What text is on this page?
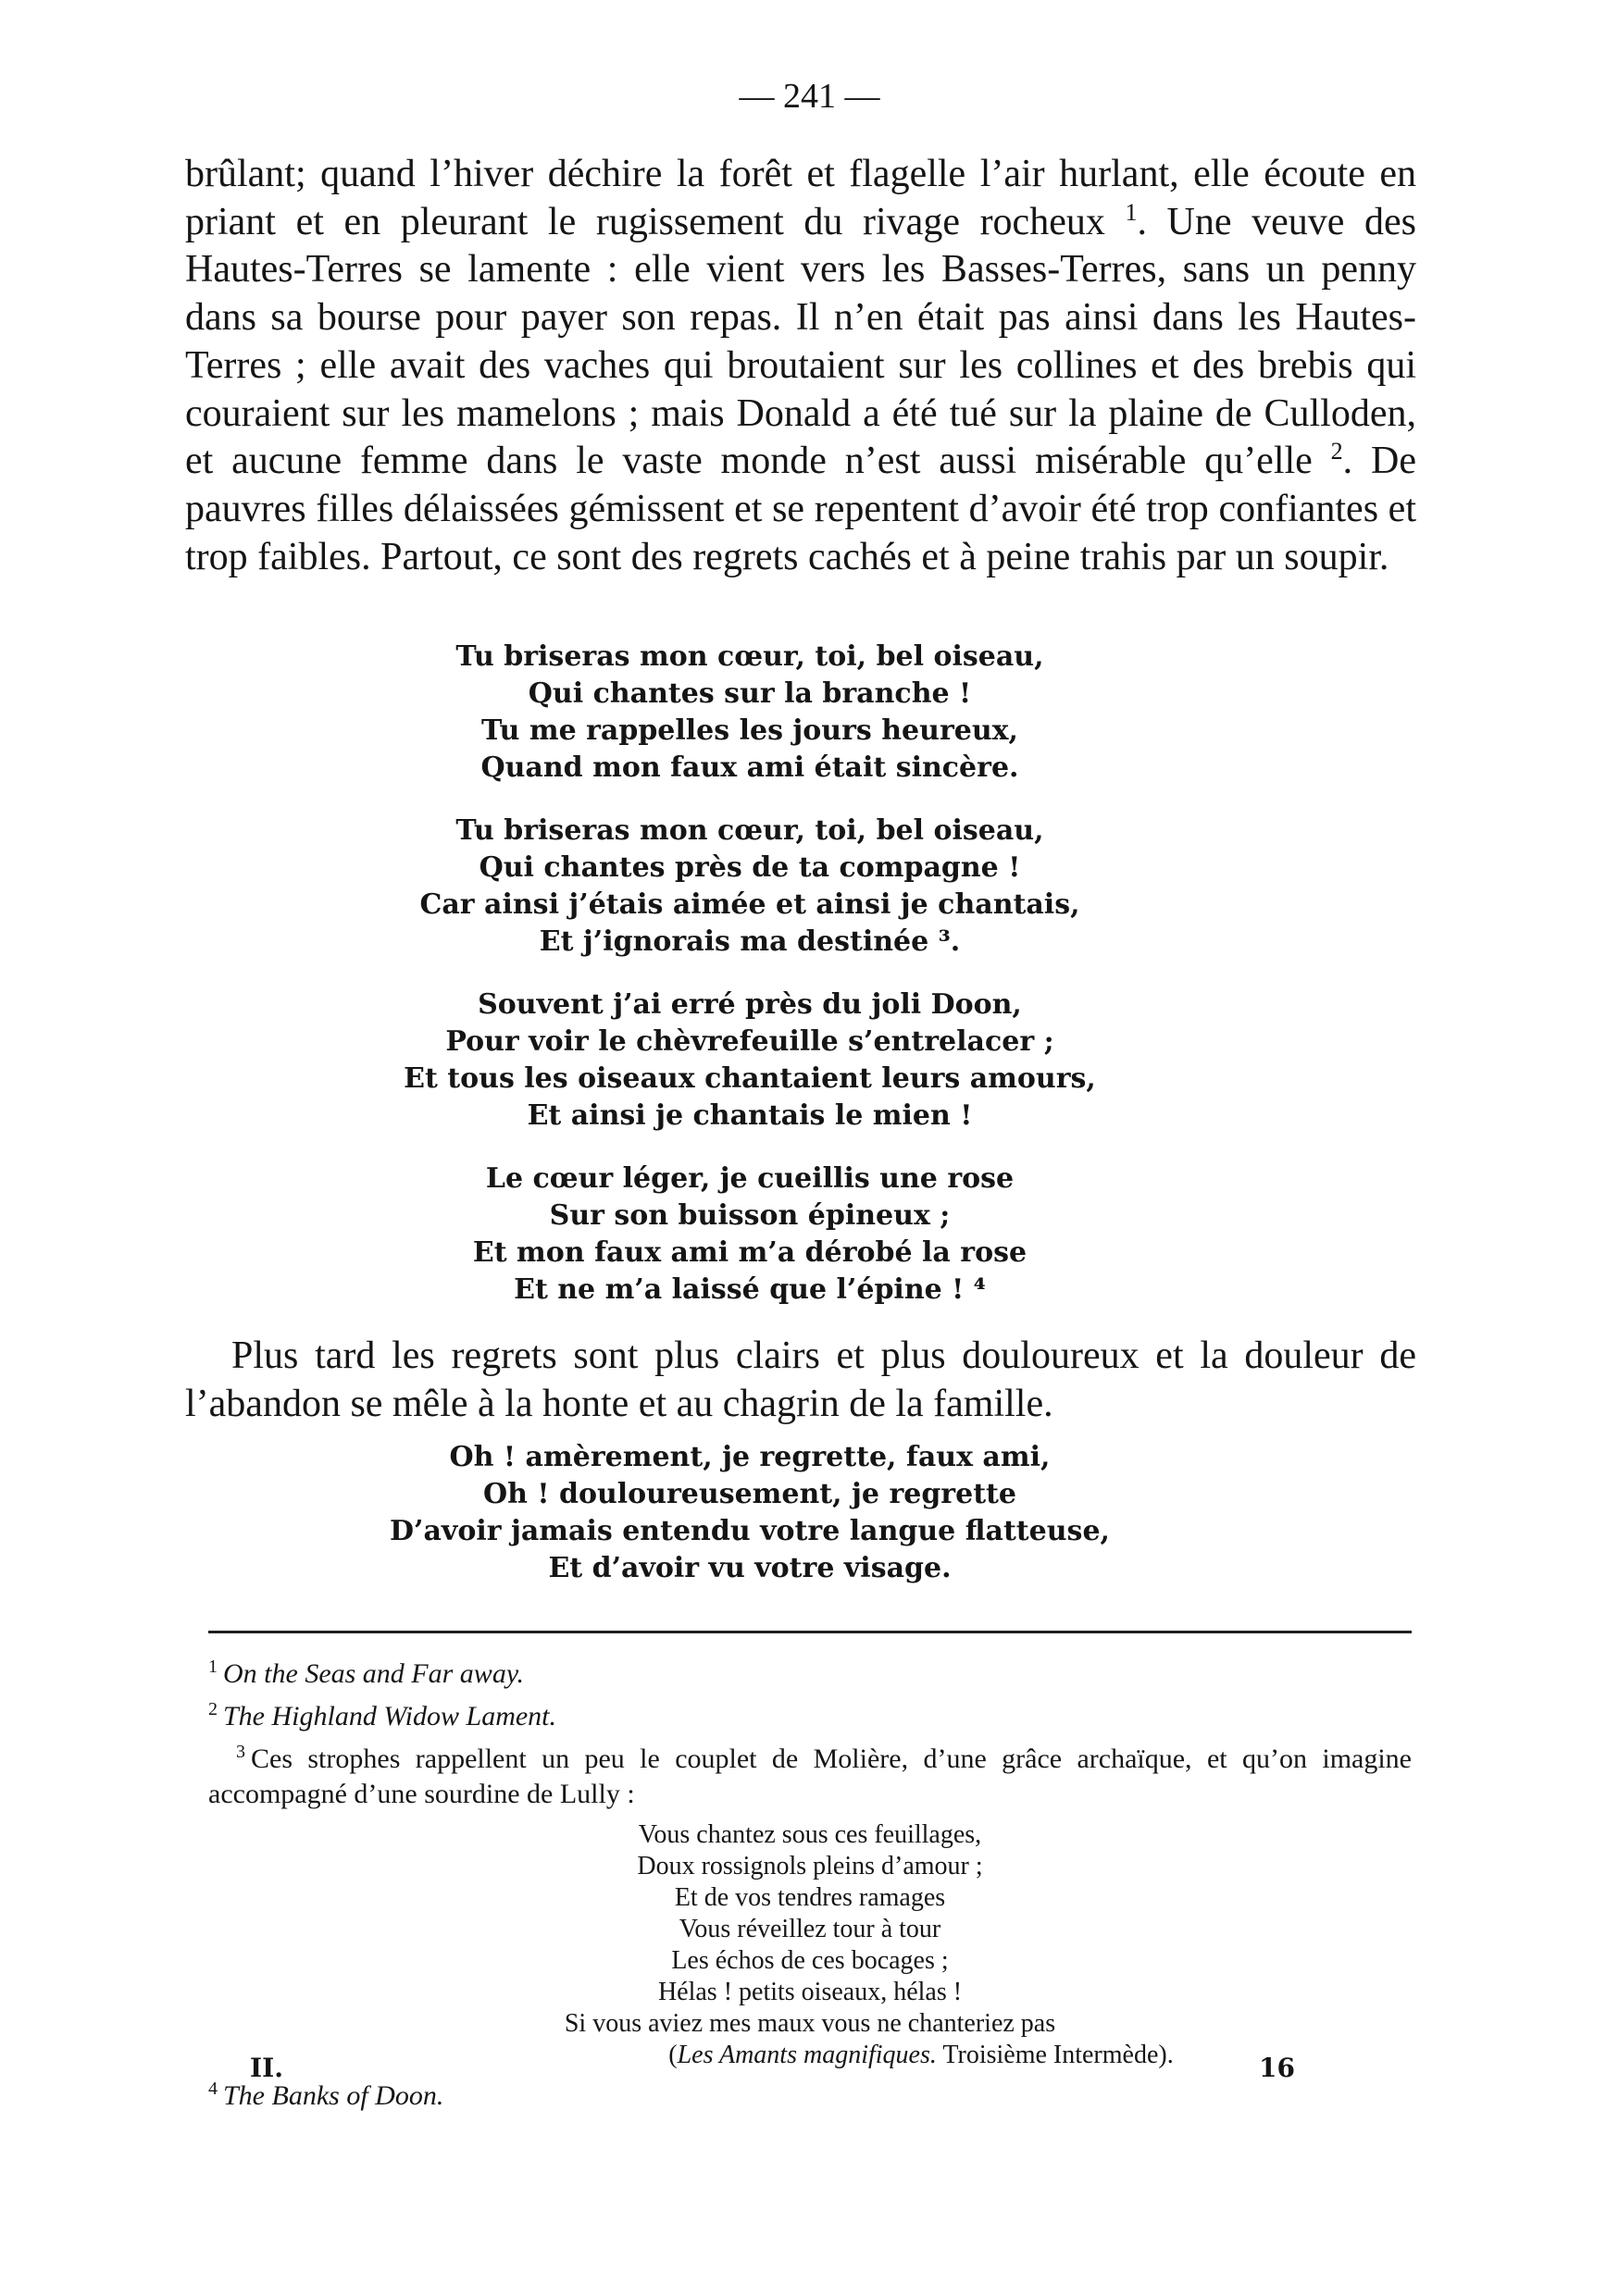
— 241 —

brûlant; quand l’hiver déchire la forêt et flagelle l’air hurlant, elle écoute en priant et en pleurant le rugissement du rivage rocheux $^1$. Une veuve des Hautes-Terres se lamente : elle vient vers les Basses-Terres, sans un penny dans sa bourse pour payer son repas. Il n’en était pas ainsi dans les Hautes-Terres ; elle avait des vaches qui broutaient sur les collines et des brebis qui couraient sur les mamelons ; mais Donald a été tué sur la plaine de Culloden, et aucune femme dans le vaste monde n’est aussi misérable qu’elle $^2$. De pauvres filles délaissées gémissent et se repentent d’avoir été trop confiantes et trop faibles. Partout, ce sont des regrets cachés et à peine trahis par un soupir.

Tu briseras mon cœur, toi, bel oiseau,
Qui chantes sur la branche !
Tu me rappelles les jours heureux,
Quand mon faux ami était sincère.
Tu briseras mon cœur, toi, bel oiseau,
Qui chantes près de ta compagne !
Car ainsi j’étais aimée et ainsi je chantais,
Et j’ignorais ma destinée ³.
Souvent j’ai erré près du joli Doon,
Pour voir le chèvrefeuille s’entrelacer ;
Et tous les oiseaux chantaient leurs amours,
Et ainsi je chantais le mien !
Le cœur léger, je cueillis une rose
Sur son buisson épineux ;
Et mon faux ami m’a dérobé la rose
Et ne m’a laissé que l’épine ! ⁴

Plus tard les regrets sont plus clairs et plus douloureux et la douleur de l’abandon se mêle à la honte et au chagrin de la famille.

Oh ! amèrement, je regrette, faux ami,
Oh ! douloureusement, je regrette
D’avoir jamais entendu votre langue flatteuse,
Et d’avoir vu votre visage.
$^1$ On the Seas and Far away.
$^2$ The Highland Widow Lament.
$^3$ Ces strophes rappellent un peu le couplet de Molière, d’une grâce archaïque, et qu’on imagine accompagné d’une sourdine de Lully :
Vous chantez sous ces feuillages,
Doux rossignols pleins d’amour ;
Et de vos tendres ramages
Vous réveillez tour à tour
Les échos de ces bocages ;
Hélas ! petits oiseaux, hélas !
Si vous aviez mes maux vous ne chanteriez pas
(Les Amants magnifiques. Troisième Intermède).
$^4$ The Banks of Doon.
II.	16
